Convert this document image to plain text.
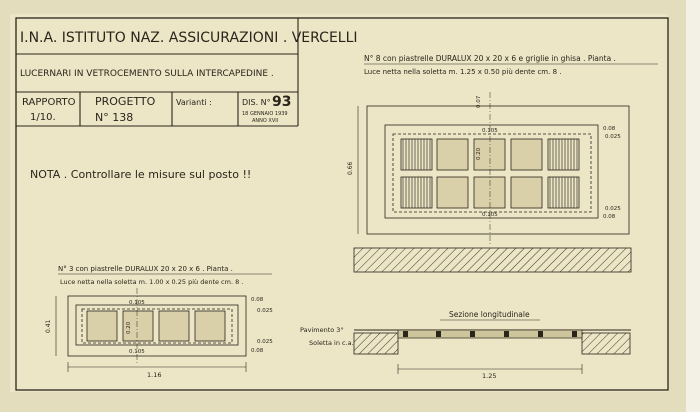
I.N.A. ISTITUTO NAZ. ASSICURAZIONI . VERCELLI
LUCERNARI IN VETROCEMENTO SULLA INTERCAPEDINE .
RAPPORTO
1/10.
PROGETTO
N° 138
Varianti :	DIS. N° 93
18 GENNAIO 1939
ANNO XVII
NOTA . Controllare le misure sul posto !!
N° 8 con piastrelle DURALUX 20 x 20 x 6 e griglie in ghisa . Pianta .
Luce netta nella soletta m. 1.25 x 0.50 più dente cm. 8 .
0.66
0.07
0.105
0.20
0.105
0.08
0.025
0.025
0.08
N° 3 con piastrelle DURALUX 20 x 20 x 6 . Pianta .
Luce netta nella soletta m. 1.00 x 0.25 più dente cm. 8 .
0.41
0.105
0.20
0.105
0.08
0.025
0.025
0.08
1.16
Sezione longitudinale
Pavimento 3°
Soletta in c.a.
1.25
